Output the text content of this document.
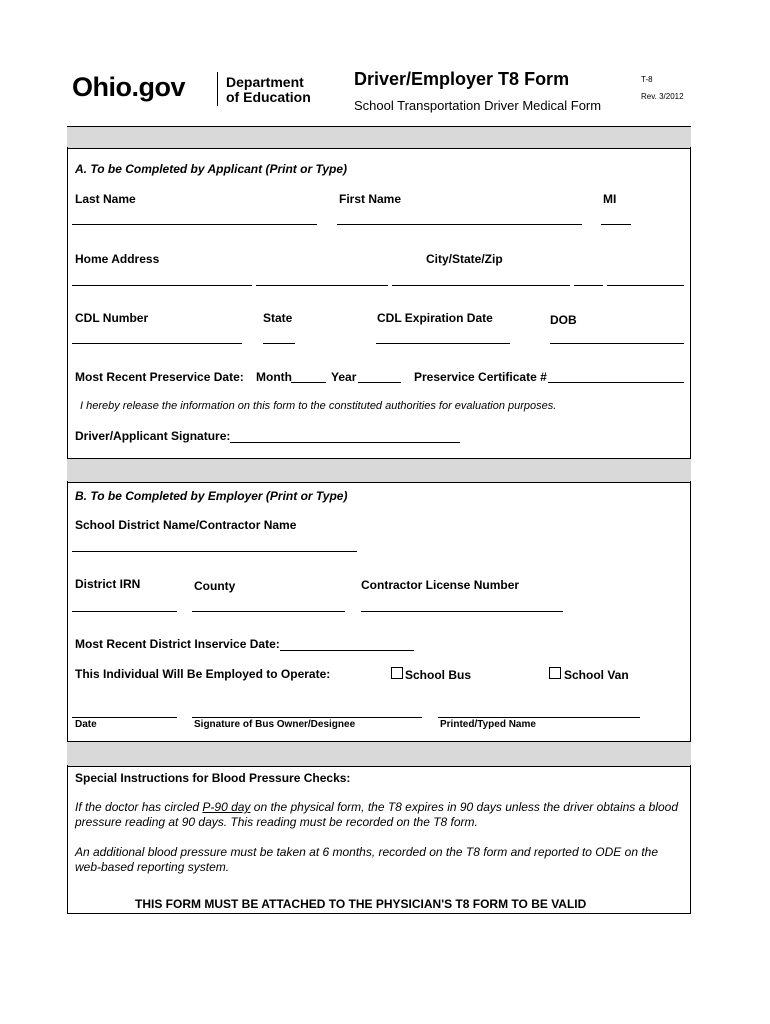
Ohio.gov	Department
of Education
Driver/Employer T8 Form
School Transportation Driver Medical Form
T-8
Rev. 3/2012
A. To be Completed by Applicant (Print or Type)
Last Name	First Name	MI
Home Address	City/State/Zip
CDL Number	State	CDL Expiration Date	DOB
Most Recent Preservice Date: Month	Year	Preservice Certificate #
I hereby release the information on this form to the constituted authorities for evaluation purposes.
Driver/Applicant Signature:
B. To be Completed by Employer (Print or Type)
School District Name/Contractor Name
District IRN	County	Contractor License Number
Most Recent District Inservice Date:
This Individual Will Be Employed to Operate:	School Bus	School Van
Date	Signature of Bus Owner/Designee	Printed/Typed Name
Special Instructions for Blood Pressure Checks:
If the doctor has circled P-90 day on the physical form, the T8 expires in 90 days unless the driver obtains a blood
pressure reading at 90 days. This reading must be recorded on the T8 form.
An additional blood pressure must be taken at 6 months, recorded on the T8 form and reported to ODE on the
web-based reporting system.
THIS FORM MUST BE ATTACHED TO THE PHYSICIAN'S T8 FORM TO BE VALID
